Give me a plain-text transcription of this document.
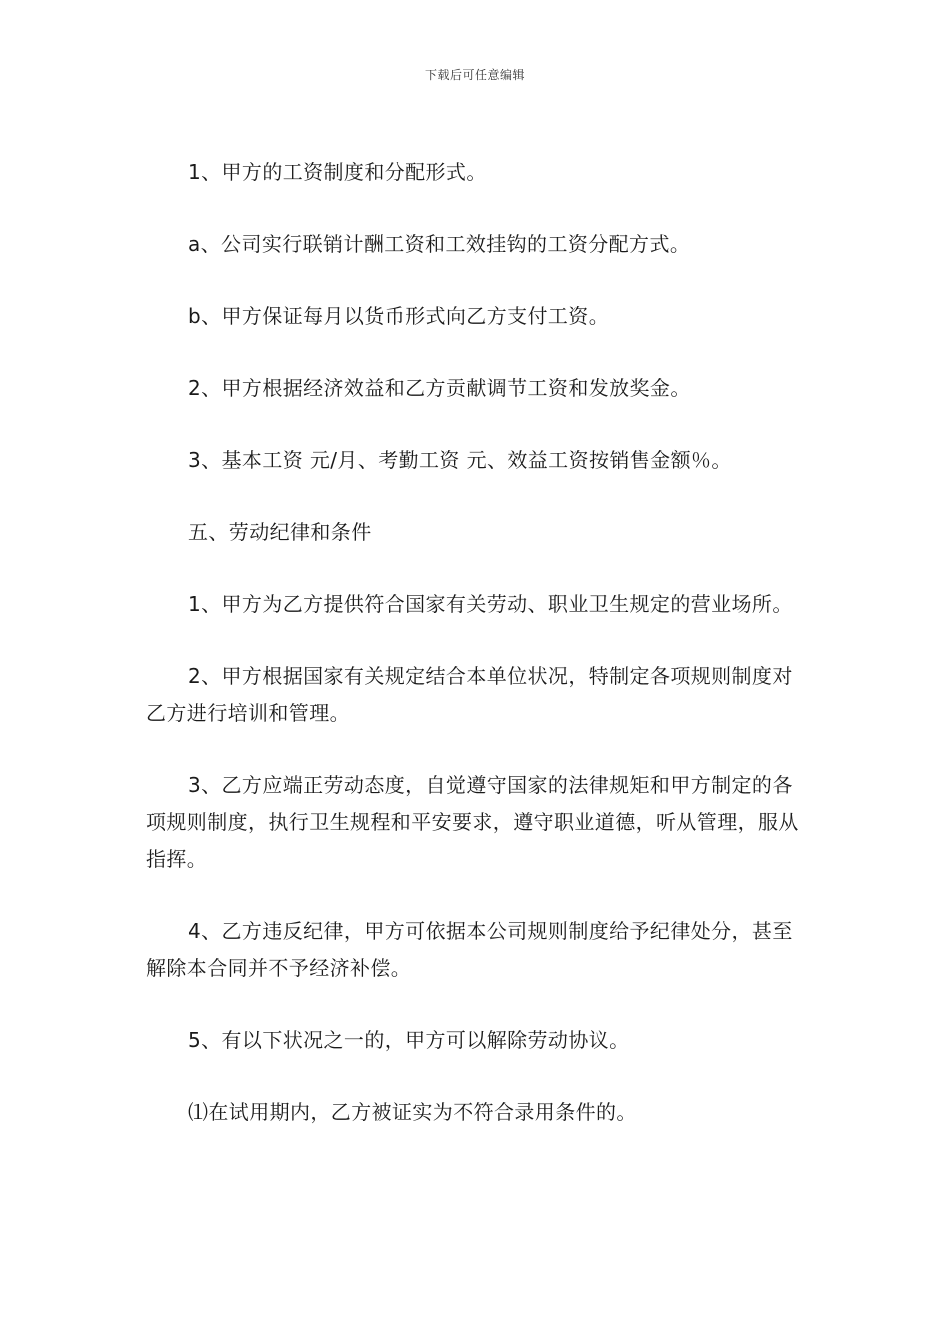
下载后可任意编辑

1、甲方的工资制度和分配形式。

a、公司实行联销计酬工资和工效挂钩的工资分配方式。

b、甲方保证每月以货币形式向乙方支付工资。

2、甲方根据经济效益和乙方贡献调节工资和发放奖金。

3、基本工资 元/月、考勤工资 元、效益工资按销售金额％。

五、劳动纪律和条件

1、甲方为乙方提供符合国家有关劳动、职业卫生规定的营业场所。

2、甲方根据国家有关规定结合本单位状况，特制定各项规则制度对乙方进行培训和管理。

3、乙方应端正劳动态度，自觉遵守国家的法律规矩和甲方制定的各项规则制度，执行卫生规程和平安要求，遵守职业道德，听从管理，服从指挥。

4、乙方违反纪律，甲方可依据本公司规则制度给予纪律处分，甚至解除本合同并不予经济补偿。

5、有以下状况之一的，甲方可以解除劳动协议。

⑴在试用期内，乙方被证实为不符合录用条件的。
